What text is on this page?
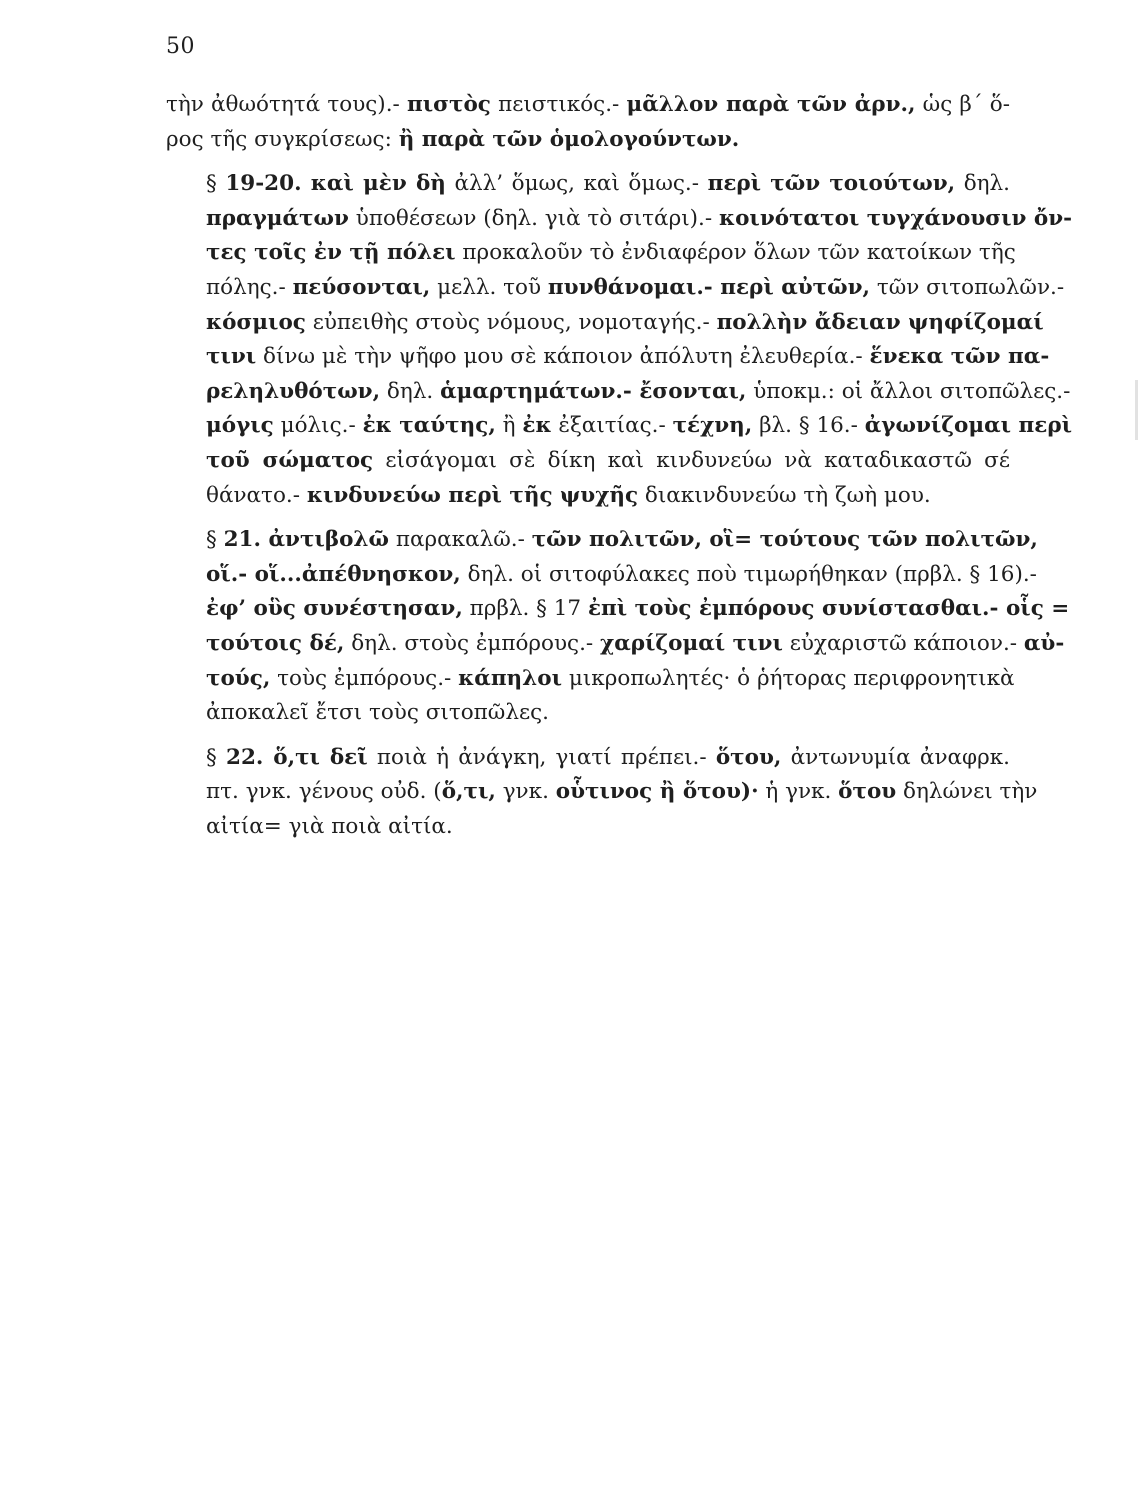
50
τὴν ἀθωότητά τους).- πιστὸς πειστικός.- μᾶλλον παρὰ τῶν ἀρν., ὡς β΄ ὅ-
ρος τῆς συγκρίσεως: ἢ παρὰ τῶν ὁμολογούντων.
§ 19-20. καὶ μὲν δὴ ἀλλ’ ὅμως, καὶ ὅμως.- περὶ τῶν τοιούτων, δηλ.
πραγμάτων ὑποθέσεων (δηλ. γιὰ τὸ σιτάρι).- κοινότατοι τυγχάνουσιν ὄν-
τες τοῖς ἐν τῇ πόλει προκαλοῦν τὸ ἐνδιαφέρον ὅλων τῶν κατοίκων τῆς
πόλης.- πεύσονται, μελλ. τοῦ πυνθάνομαι.- περὶ αὐτῶν, τῶν σιτοπωλῶν.-
κόσμιος εὐπειθὴς στοὺς νόμους, νομοταγής.- πολλὴν ἄδειαν ψηφίζομαί
τινι δίνω μὲ τὴν ψῆφο μου σὲ κάποιον ἀπόλυτη ἐλευθερία.- ἕνεκα τῶν πα-
ρεληλυθότων, δηλ. ἁμαρτημάτων.- ἔσονται, ὑποκμ.: οἱ ἄλλοι σιτοπῶλες.-
μόγις μόλις.- ἐκ ταύτης, ἢ ἐκ ἐξαιτίας.- τέχνη, βλ. § 16.- ἀγωνίζομαι περὶ
τοῦ σώματος εἰσάγομαι σὲ δίκη καὶ κινδυνεύω νὰ καταδικαστῶ σέ
θάνατο.- κινδυνεύω περὶ τῆς ψυχῆς διακινδυνεύω τὴ ζωὴ μου.
§ 21. ἀντιβολῶ παρακαλῶ.- τῶν πολιτῶν, οἳ= τούτους τῶν πολιτῶν,
οἵ.- οἵ...ἀπέθνησκον, δηλ. οἱ σιτοφύλακες ποὺ τιμωρήθηκαν (πρβλ. § 16).-
ἐφ’ οὓς συνέστησαν, πρβλ. § 17 ἐπὶ τοὺς ἐμπόρους συνίστασθαι.- οἷς =
τούτοις δέ, δηλ. στοὺς ἐμπόρους.- χαρίζομαί τινι εὐχαριστῶ κάποιον.- αὐ-
τούς, τοὺς ἐμπόρους.- κάπηλοι μικροπωλητές· ὁ ῥήτορας περιφρονητικὰ
ἀποκαλεῖ ἔτσι τοὺς σιτοπῶλες.
§ 22. ὅ,τι δεῖ ποιὰ ἡ ἀνάγκη, γιατί πρέπει.- ὅτου, ἀντωνυμία ἀναφρκ.
πτ. γνκ. γένους οὐδ. (ὅ,τι, γνκ. οὗτινος ἢ ὅτου)· ἡ γνκ. ὅτου δηλώνει τὴν
αἰτία= γιὰ ποιὰ αἰτία.
